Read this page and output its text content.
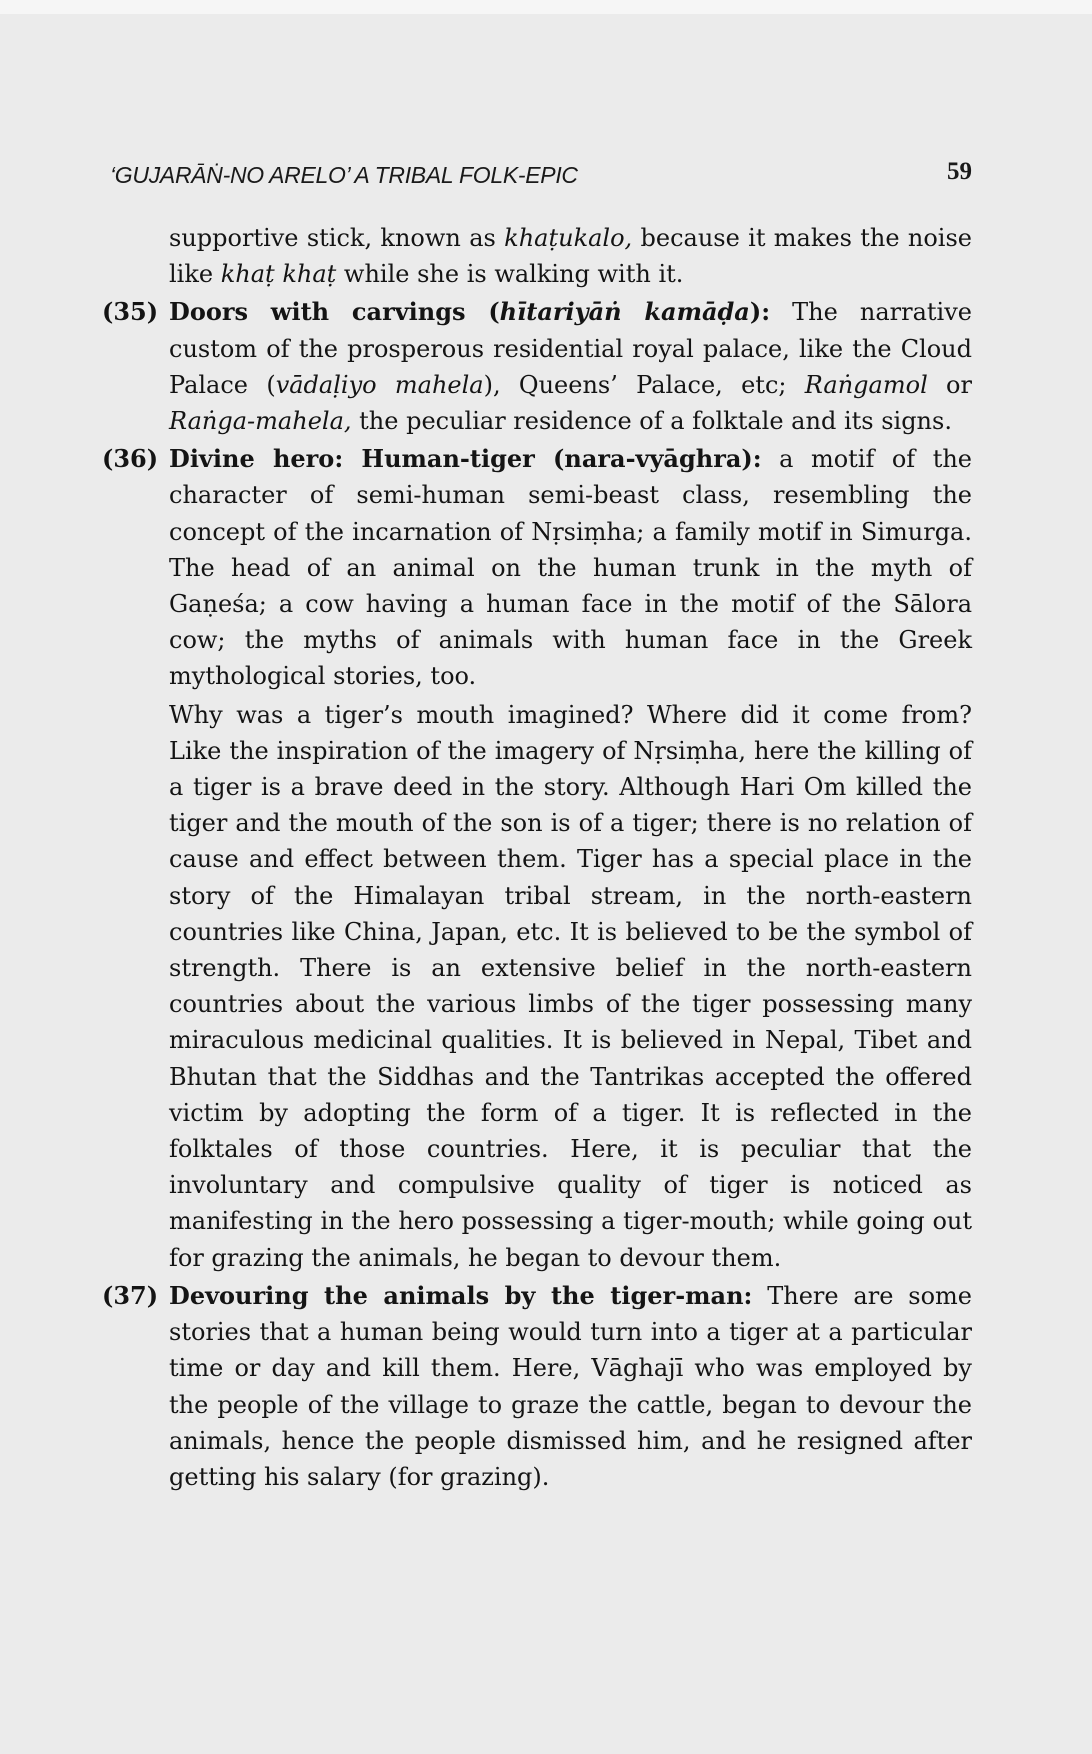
‘GUJARĀṄ-NO ARELO’ A TRIBAL FOLK-EPIC	59

supportive stick, known as khaṭukalo, because it makes the noise like khaṭ khaṭ while she is walking with it.

(35) Doors with carvings (hītariyāṅ kamāḍa): The narrative custom of the prosperous residential royal palace, like the Cloud Palace (vādaḷiyo mahela), Queens’ Palace, etc; Raṅgamol or Raṅga-mahela, the peculiar residence of a folktale and its signs.

(36) Divine hero: Human-tiger (nara-vyāghra): a motif of the character of semi-human semi-beast class, resembling the concept of the incarnation of Nṛsiṃha; a family motif in Simurga. The head of an animal on the human trunk in the myth of Gaṇeśa; a cow having a human face in the motif of the Sālora cow; the myths of animals with human face in the Greek mythological stories, too.

Why was a tiger’s mouth imagined? Where did it come from? Like the inspiration of the imagery of Nṛsiṃha, here the killing of a tiger is a brave deed in the story. Although Hari Om killed the tiger and the mouth of the son is of a tiger; there is no relation of cause and effect between them. Tiger has a special place in the story of the Himalayan tribal stream, in the north-eastern countries like China, Japan, etc. It is believed to be the symbol of strength. There is an extensive belief in the north-eastern countries about the various limbs of the tiger possessing many miraculous medicinal qualities. It is believed in Nepal, Tibet and Bhutan that the Siddhas and the Tantrikas accepted the offered victim by adopting the form of a tiger. It is reflected in the folktales of those countries. Here, it is peculiar that the involuntary and compulsive quality of tiger is noticed as manifesting in the hero possessing a tiger-mouth; while going out for grazing the animals, he began to devour them.

(37) Devouring the animals by the tiger-man: There are some stories that a human being would turn into a tiger at a particular time or day and kill them. Here, Vāghajī who was employed by the people of the village to graze the cattle, began to devour the animals, hence the people dismissed him, and he resigned after getting his salary (for grazing).
